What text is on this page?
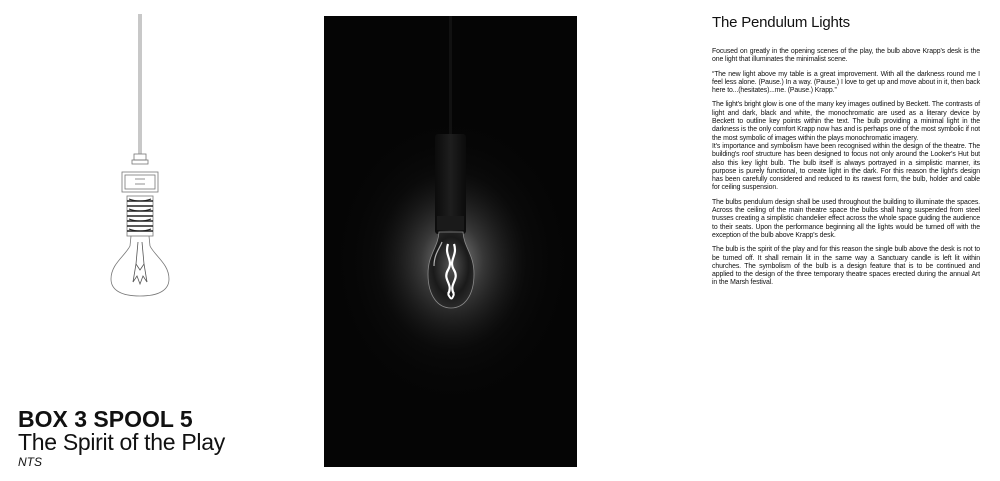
BOX 3 SPOOL 5
The Spirit of the Play
NTS
The Pendulum Lights

Focused on greatly in the opening scenes of the play, the bulb above Krapp's desk is the one light that illuminates the minimalist scene.

“The new light above my table is a great improvement. With all the darkness round me I feel less alone. (Pause.) In a way. (Pause.) I love to get up and move about in it, then back here to...(hesitates)...me. (Pause.) Krapp.”

The light's bright glow is one of the many key images outlined by Beckett. The contrasts of light and dark, black and white, the monochromatic are used as a literary device by Beckett to outline key points within the text. The bulb providing a minimal light in the darkness is the only comfort Krapp now has and is perhaps one of the most symbolic if not the most symbolic of images within the plays monochromatic imagery.

It's importance and symbolism have been recognised within the design of the theatre. The building's roof structure has been designed to focus not only around the Looker's Hut but also this key light bulb. The bulb itself is always portrayed in a simplistic manner, its purpose is purely functional, to create light in the dark. For this reason the light's design has been carefully considered and reduced to its rawest form, the bulb, holder and cable for ceiling suspension.

The bulbs pendulum design shall be used throughout the building to illuminate the spaces. Across the ceiling of the main theatre space the bulbs shall hang suspended from steel trusses creating a simplistic chandelier effect across the whole space guiding the audience to their seats. Upon the performance beginning all the lights would be turned off with the exception of the bulb above Krapp's desk.

The bulb is the spirit of the play and for this reason the single bulb above the desk is not to be turned off. It shall remain lit in the same way a Sanctuary candle is left lit within churches. The symbolism of the bulb is a design feature that is to be continued and applied to the design of the three temporary theatre spaces erected during the annual Art in the Marsh festival.
